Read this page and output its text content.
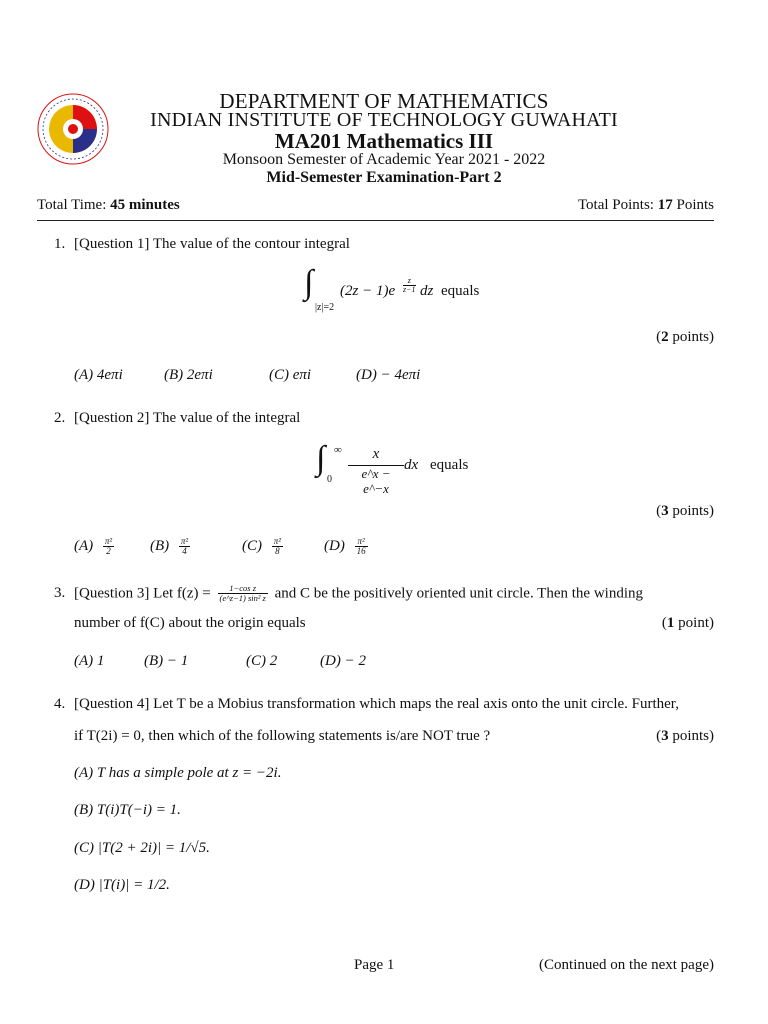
DEPARTMENT OF MATHEMATICS
INDIAN INSTITUTE OF TECHNOLOGY GUWAHATI
MA201 Mathematics III
Monsoon Semester of Academic Year 2021 - 2022
Mid-Semester Examination-Part 2
Total Time: 45 minutes	Total Points: 17 Points
1. [Question 1] The value of the contour integral
∫
|z|=2
$(2z - 1)e \frac{z}{z-1}$ dz equals
(2 points)
(A) 4eπi	(B) 2eπi	(C) eπi	(D) − 4eπi
2. [Question 2] The value of the integral
∫ ∞
$0 \frac{x}{e\^{}x - e\^{}-x}$ dx equals
(3 points)
$(A) \frac{\text{π²}}{2} (B) \frac{\text{π²}}{4}$	$(C) \frac{\text{π²}}{8}$	$(D) \frac{\text{π²}}{16}$
3. [Question 3] Let $f(z) = \frac{\text{1−cos z}}{\text{(e\textasciicircum{}z−1) sin² z}}$ and C be the positively oriented unit circle. Then the winding
number of f(C) about the origin equals	(1 point)
(A) 1	(B) − 1	(C) 2	(D) − 2
4. [Question 4] Let T be a Mobius transformation which maps the real axis onto the unit circle. Further,
if T(2i) = 0, then which of the following statements is/are NOT true ?	(3 points)
(A) T has a simple pole at z = −2i.
(B) T(i)T(−i) = 1.
(C) |T(2 + 2i)| = 1/√5.
(D) |T(i)| = 1/2.
Page 1	(Continued on the next page)
